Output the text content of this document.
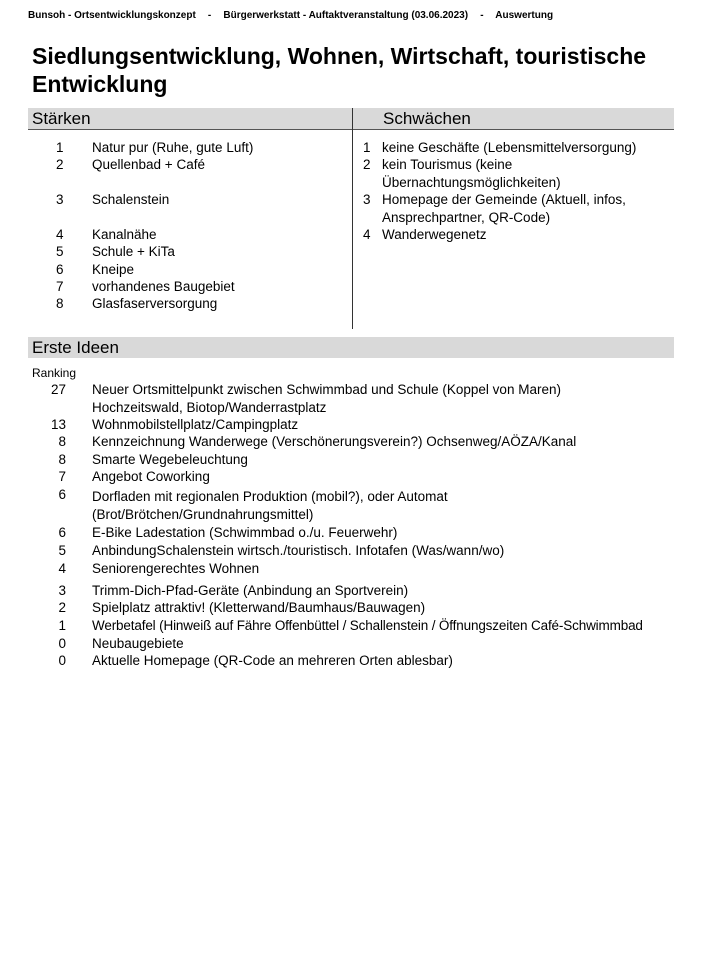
Bunsoh - Ortsentwicklungskonzept - Bürgerwerkstatt - Auftaktveranstaltung (03.06.2023) - Auswertung
Siedlungsentwicklung, Wohnen, Wirtschaft, touristische
Entwicklung
Stärken	Schwächen
1 Natur pur (Ruhe, gute Luft)
2 Quellenbad + Café
3 Schalenstein
4 Kanalnähe
5 Schule + KiTa
6 Kneipe
7 vorhandenes Baugebiet
8 Glasfaserversorgung
1 keine Geschäfte (Lebensmittelversorgung)
2 kein Tourismus (keine
Übernachtungsmöglichkeiten)
3 Homepage der Gemeinde (Aktuell, infos,
Ansprechpartner, QR-Code)
4 Wanderwegenetz
Erste Ideen
Ranking
27 Neuer Ortsmittelpunkt zwischen Schwimmbad und Schule (Koppel von Maren)
Hochzeitswald, Biotop/Wanderrastplatz
13 Wohnmobilstellplatz/Campingplatz
8 Kennzeichnung Wanderwege (Verschönerungsverein?) Ochsenweg/AÖZA/Kanal
8 Smarte Wegebeleuchtung
7 Angebot Coworking
6 Dorfladen mit regionalen Produktion (mobil?), oder Automat
(Brot/Brötchen/Grundnahrungsmittel)
6 E-Bike Ladestation (Schwimmbad o./u. Feuerwehr)
5 AnbindungSchalenstein wirtsch./touristisch. Infotafen (Was/wann/wo)
4 Seniorengerechtes Wohnen
3 Trimm-Dich-Pfad-Geräte (Anbindung an Sportverein)
2 Spielplatz attraktiv! (Kletterwand/Baumhaus/Bauwagen)
1 Werbetafel (Hinweiß auf Fähre Offenbüttel / Schallenstein / Öffnungszeiten Café-Schwimmbad
0 Neubaugebiete
0 Aktuelle Homepage (QR-Code an mehreren Orten ablesbar)
